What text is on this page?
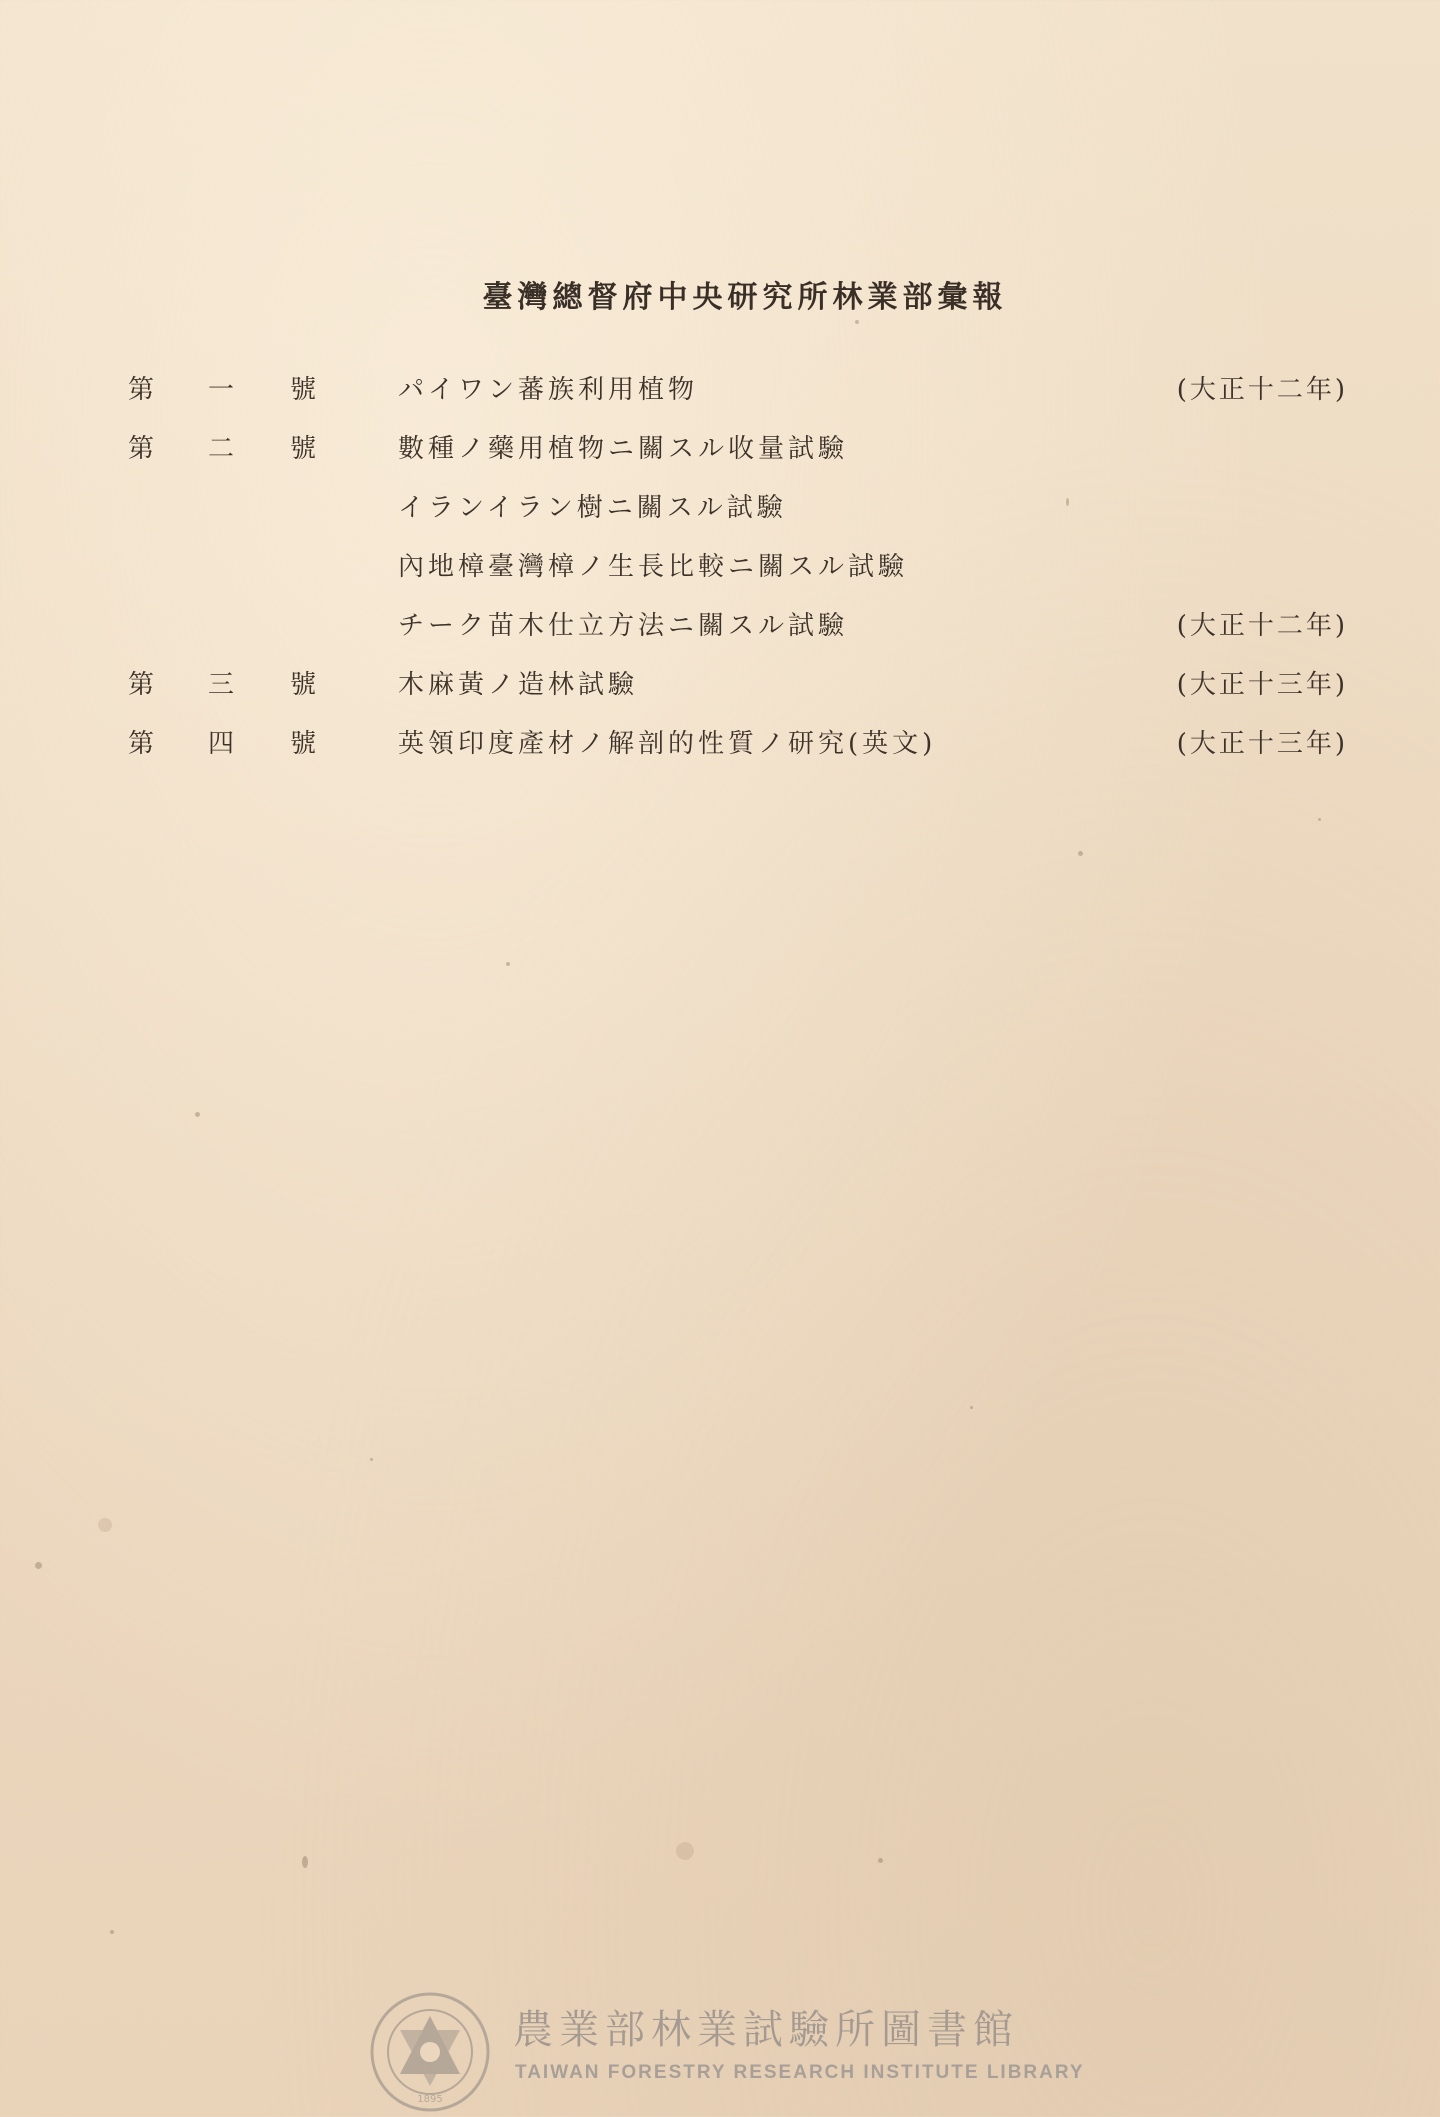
臺灣總督府中央研究所林業部彙報
第 一 號	パイワン蕃族利用植物	(大正十二年)
第 二 號	數種ノ藥用植物ニ關スル收量試驗
イランイラン樹ニ關スル試驗
內地樟臺灣樟ノ生長比較ニ關スル試驗
チーク苗木仕立方法ニ關スル試驗	(大正十二年)
第 三 號	木麻黃ノ造林試驗	(大正十三年)
第 四 號	英領印度產材ノ解剖的性質ノ研究(英文)	(大正十三年)
1895
農業部林業試驗所圖書館
TAIWAN FORESTRY RESEARCH INSTITUTE LIBRARY
